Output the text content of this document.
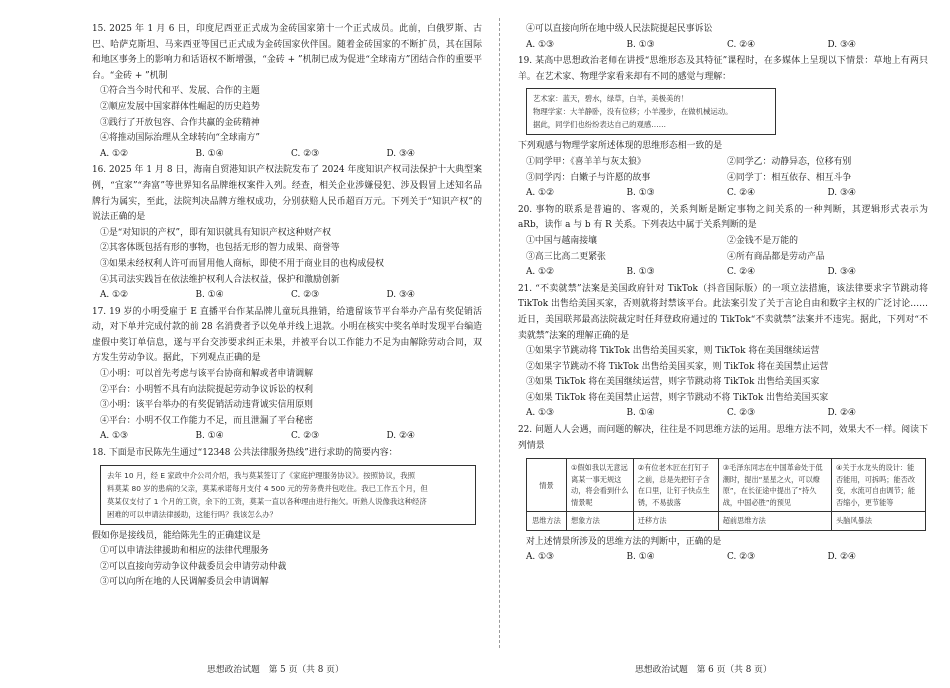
15. 2025 年 1 月 6 日，印度尼西亚正式成为金砖国家第十一个正式成员。此前，白俄罗斯、古巴、哈萨克斯坦、马来西亚等国已正式成为金砖国家伙伴国。随着金砖国家的不断扩员，其在国际和地区事务上的影响力和话语权不断增强，“金砖 + ”机制已成为促进“全球南方”团结合作的重要平台。“金砖 + ”机制

①符合当今时代和平、发展、合作的主题

②顺应发展中国家群体性崛起的历史趋势

③践行了开放包容、合作共赢的金砖精神

④将推动国际治理从全球转向“全球南方”

A. ①②	B. ①④	C. ②③	D. ③④

16. 2025 年 1 月 8 日，海南自贸港知识产权法院发布了 2024 年度知识产权司法保护十大典型案例，“宜家”“奔富”等世界知名品牌维权案件入列。经查，相关企业涉嫌侵犯、涉及假冒上述知名品牌行为属实，至此，法院判决品牌方维权成功，分别获赔人民币超百万元。下列关于“知识产权”的说法正确的是

①是“对知识的产权”，即有知识就具有知识产权这种财产权

②其客体既包括有形的事物，也包括无形的智力成果、商誉等

③如果未经权利人许可而冒用他人商标，即使不用于商业目的也构成侵权

④其司法实践旨在依法维护权利人合法权益，保护和激励创新

A. ①②	B. ①④	C. ②③	D. ③④

17. 19 岁的小明受雇于 E 直播平台作某品牌儿童玩具推销，给遗留该节平台举办产品有奖促销活动，对下单并完成付款的前 28 名消费者予以免单并线上退款。小明在核实中奖名单时发现平台编造虚假中奖订单信息，遂与平台交涉要求纠正未果，并被平台以工作能力不足为由解除劳动合同，双方发生劳动争议。据此，下列观点正确的是

①小明：可以首先考虑与该平台协商和解或者申请调解

②平台：小明暂不具有向法院提起劳动争议诉讼的权利

③小明：该平台举办的有奖促销活动违背诚实信用原则

④平台：小明不仅工作能力不足，而且泄漏了平台秘密

A. ①③	B. ①④	C. ②③	D. ②④

18. 下面是市民陈先生通过“12348 公共法律服务热线”进行求助的简要内容：

去年 10 月，经 E 家政中介公司介绍，我与莫某签订了《家庭护理服务协议》。按照协议，我照

料莫某 80 岁的患病的父亲，莫某承诺每月支付 4 500 元的劳务费并包吃住。我已工作五个月，但

莫某仅支付了 1 个月的工资，余下的工资，莫某一直以各种理由进行拖欠。听熟人说像我这种经济

困难的可以申请法律援助，这能行吗？我该怎么办？

假如你是接线员，能给陈先生的正确建议是

①可以申请法律援助和相应的法律代理服务

②可以直接向劳动争议仲裁委员会申请劳动仲裁

③可以向所在地的人民调解委员会申请调解

思想政治试题　第 5 页（共 8 页）

④可以直接向所在地中级人民法院提起民事诉讼

A. ①③	B. ①③	C. ②④	D. ③④

19. 某高中思想政治老师在讲授“思维形态及其特征”课程时，在多媒体上呈现以下情景：草地上有两只羊。在艺术家、物理学家看来却有不同的感觉与理解：

艺术家：蓝天，碧水，绿草，白羊，美极美的！

物理学家：大羊静卧，没有位移；小羊漫步，在做机械运动。

据此，同学们也纷纷表达自己的观感……

下列观感与物理学家所述体现的思维形态相一致的是

①同学甲：《喜羊羊与灰太狼》	②同学乙：动静异态，位移有别
③同学丙：白嫩子与许愿的故事	④同学丁：相互依存、相互斗争
A. ①②	B. ①③	C. ②④	D. ③④

20. 事物的联系是普遍的、客观的，关系判断是断定事物之间关系的一种判断，其逻辑形式表示为 aRb，读作 a 与 b 有 R 关系。下列表达中属于关系判断的是

①中国与越南接壤	②金钱不是万能的
③高三比高二更紧张	④所有商品都是劳动产品
A. ①②	B. ①③	C. ②④	D. ③④

21. “不卖就禁”法案是美国政府针对 TikTok（抖音国际版）的一项立法措施，该法律要求字节跳动将 TikTok 出售给美国买家，否则就将封禁该平台。此法案引发了关于言论自由和数字主权的广泛讨论……近日，美国联邦最高法院裁定时任拜登政府通过的 TikTok“不卖就禁”法案并不违宪。据此，下列对“不卖就禁”法案的理解正确的是

①如果字节跳动将 TikTok 出售给美国买家，则 TikTok 将在美国继续运营

②如果字节跳动不将 TikTok 出售给美国买家，则 TikTok 将在美国禁止运营

③如果 TikTok 将在美国继续运营，则字节跳动将 TikTok 出售给美国买家

④如果 TikTok 将在美国禁止运营，则字节跳动不将 TikTok 出售给美国买家

A. ①③	B. ①④	C. ②③	D. ②④

22. 问题人人会遇，而问题的解决，往往是不同思维方法的运用。思维方法不同，效果大不一样。阅读下列情景

情景	①假如我以无意远离某一事无规这动，将会看到什么情景呢	②有位老木匠在打钉子之前，总是先把钉子含在口里，让钉子快点生锈，不易拔落	③毛泽东同志在中国革命处于低潮时，提出“星星之火，可以燎原”，在长征途中提出了“持久战，中国必胜”的预见	④关于水龙头的设计：能否能用，可拆吗；能否改变，水流可自由调节；能否缩小，更节能等
思维方法	想象方法	迁移方法	超前思维方法	头脑风暴法

对上述情景所涉及的思维方法的判断中，正确的是

A. ①③	B. ①④	C. ②③	D. ②④
思想政治试题　第 6 页（共 8 页）
